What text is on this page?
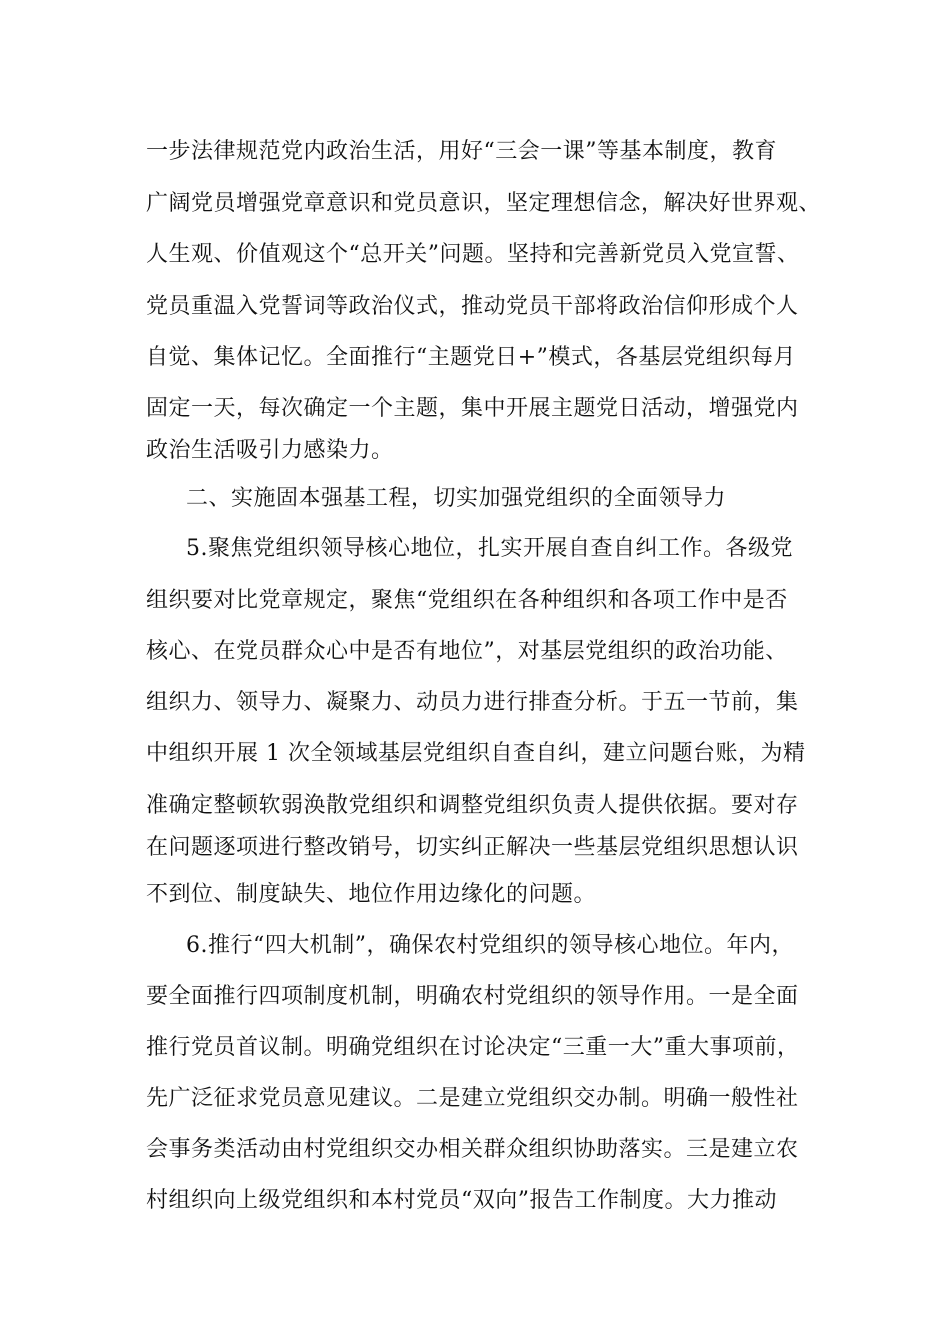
一步法律规范党内政治生活，用好“三会一课”等基本制度，教育
广阔党员增强党章意识和党员意识，坚定理想信念，解决好世界观、
人生观、价值观这个“总开关”问题。坚持和完善新党员入党宣誓、
党员重温入党誓词等政治仪式，推动党员干部将政治信仰形成个人
自觉、集体记忆。全面推行“主题党日+”模式，各基层党组织每月
固定一天，每次确定一个主题，集中开展主题党日活动，增强党内
政治生活吸引力感染力。
二、实施固本强基工程，切实加强党组织的全面领导力
5.聚焦党组织领导核心地位，扎实开展自查自纠工作。各级党
组织要对比党章规定，聚焦“党组织在各种组织和各项工作中是否
核心、在党员群众心中是否有地位”，对基层党组织的政治功能、
组织力、领导力、凝聚力、动员力进行排查分析。于五一节前，集
中组织开展 1 次全领域基层党组织自查自纠，建立问题台账，为精
准确定整顿软弱涣散党组织和调整党组织负责人提供依据。要对存
在问题逐项进行整改销号，切实纠正解决一些基层党组织思想认识
不到位、制度缺失、地位作用边缘化的问题。
6.推行“四大机制”，确保农村党组织的领导核心地位。年内，
要全面推行四项制度机制，明确农村党组织的领导作用。一是全面
推行党员首议制。明确党组织在讨论决定“三重一大”重大事项前，
先广泛征求党员意见建议。二是建立党组织交办制。明确一般性社
会事务类活动由村党组织交办相关群众组织协助落实。三是建立农
村组织向上级党组织和本村党员“双向”报告工作制度。大力推动
